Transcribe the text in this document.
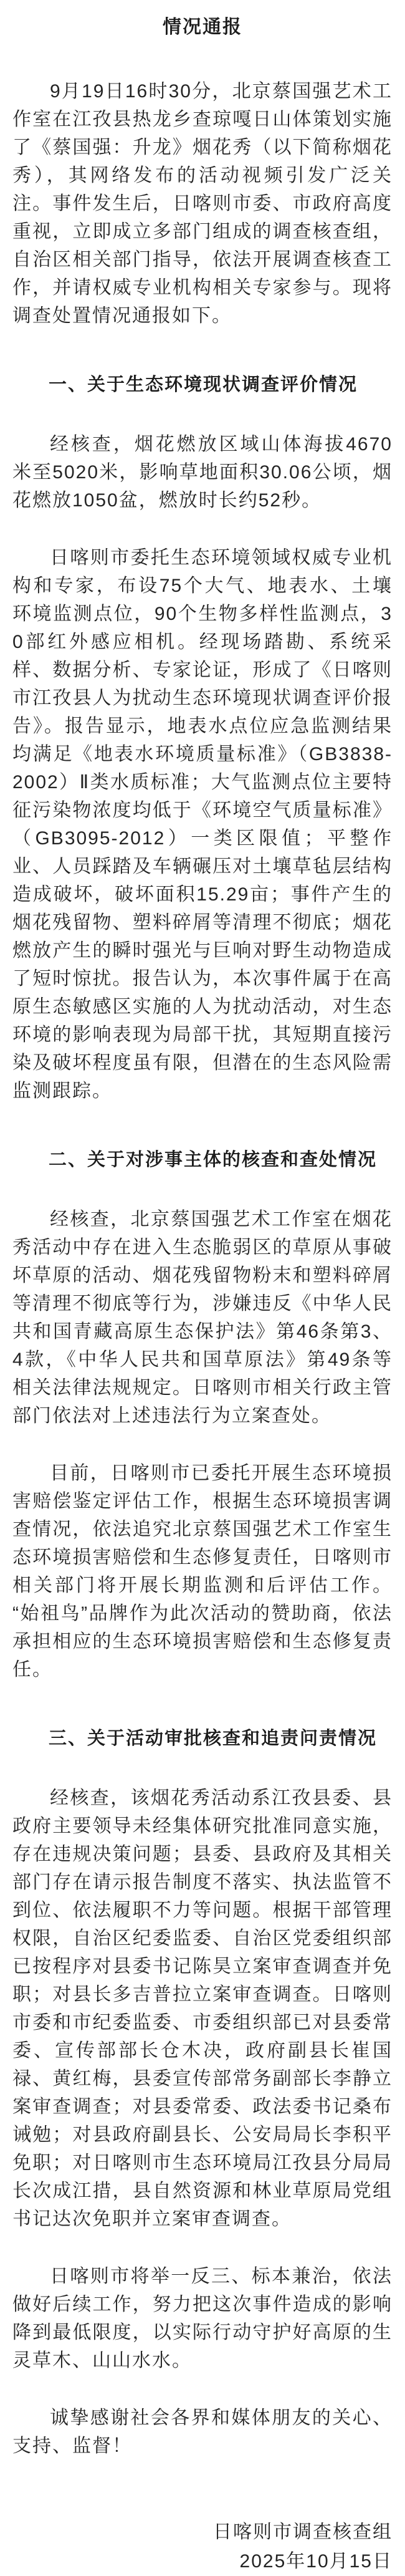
情况通报

9月19日16时30分，北京蔡国强艺术工作室在江孜县热龙乡查琼嘎日山体策划实施了《蔡国强：升龙》烟花秀（以下简称烟花秀），其网络发布的活动视频引发广泛关注。事件发生后，日喀则市委、市政府高度重视，立即成立多部门组成的调查核查组，自治区相关部门指导，依法开展调查核查工作，并请权威专业机构相关专家参与。现将调查处置情况通报如下。

一、关于生态环境现状调查评价情况

经核查，烟花燃放区域山体海拔4670米至5020米，影响草地面积30.06公顷，烟花燃放1050盆，燃放时长约52秒。

日喀则市委托生态环境领域权威专业机构和专家，布设75个大气、地表水、土壤环境监测点位，90个生物多样性监测点，30部红外感应相机。经现场踏勘、系统采样、数据分析、专家论证，形成了《日喀则市江孜县人为扰动生态环境现状调查评价报告》。报告显示，地表水点位应急监测结果均满足《地表水环境质量标准》（GB3838-2002）Ⅱ类水质标准；大气监测点位主要特征污染物浓度均低于《环境空气质量标准》（GB3095-2012）一类区限值；平整作业、人员踩踏及车辆碾压对土壤草毡层结构造成破坏，破坏面积15.29亩；事件产生的烟花残留物、塑料碎屑等清理不彻底；烟花燃放产生的瞬时强光与巨响对野生动物造成了短时惊扰。报告认为，本次事件属于在高原生态敏感区实施的人为扰动活动，对生态环境的影响表现为局部干扰，其短期直接污染及破坏程度虽有限，但潜在的生态风险需监测跟踪。

二、关于对涉事主体的核查和查处情况

经核查，北京蔡国强艺术工作室在烟花秀活动中存在进入生态脆弱区的草原从事破坏草原的活动、烟花残留物粉末和塑料碎屑等清理不彻底等行为，涉嫌违反《中华人民共和国青藏高原生态保护法》第46条第3、4款，《中华人民共和国草原法》第49条等相关法律法规规定。日喀则市相关行政主管部门依法对上述违法行为立案查处。

目前，日喀则市已委托开展生态环境损害赔偿鉴定评估工作，根据生态环境损害调查情况，依法追究北京蔡国强艺术工作室生态环境损害赔偿和生态修复责任，日喀则市相关部门将开展长期监测和后评估工作。“始祖鸟”品牌作为此次活动的赞助商，依法承担相应的生态环境损害赔偿和生态修复责任。

三、关于活动审批核查和追责问责情况

经核查，该烟花秀活动系江孜县委、县政府主要领导未经集体研究批准同意实施，存在违规决策问题；县委、县政府及其相关部门存在请示报告制度不落实、执法监管不到位、依法履职不力等问题。根据干部管理权限，自治区纪委监委、自治区党委组织部已按程序对县委书记陈昊立案审查调查并免职；对县长多吉普拉立案审查调查。日喀则市委和市纪委监委、市委组织部已对县委常委、宣传部部长仓木决，政府副县长崔国禄、黄红梅，县委宣传部常务副部长李静立案审查调查；对县委常委、政法委书记桑布诫勉；对县政府副县长、公安局局长李积平免职；对日喀则市生态环境局江孜县分局局长次成江措，县自然资源和林业草原局党组书记达次免职并立案审查调查。

日喀则市将举一反三、标本兼治，依法做好后续工作，努力把这次事件造成的影响降到最低限度，以实际行动守护好高原的生灵草木、山山水水。

诚挚感谢社会各界和媒体朋友的关心、支持、监督！

日喀则市调查核查组
2025年10月15日
